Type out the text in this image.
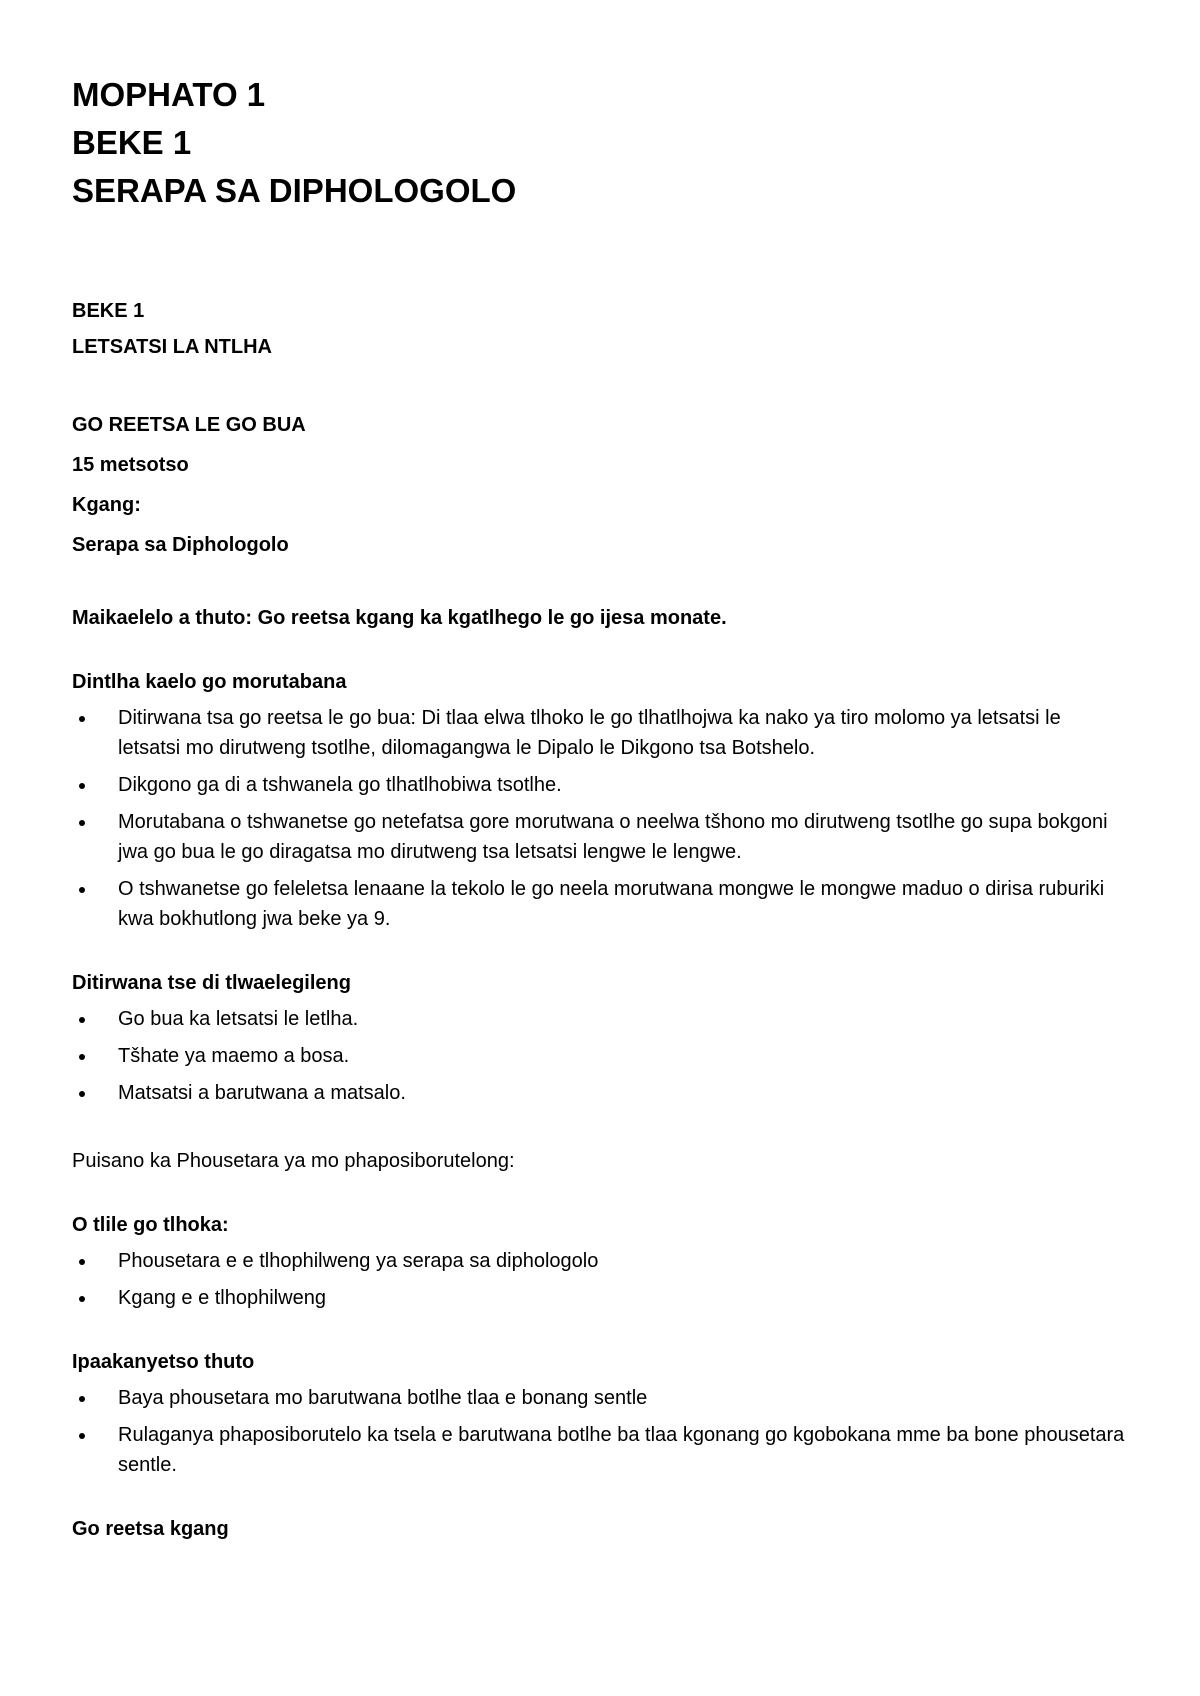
MOPHATO 1

BEKE 1

SERAPA SA DIPHOLOGOLO

BEKE 1

LETSATSI LA NTLHA

GO REETSA LE GO BUA

15 metsotso

Kgang:

Serapa sa Diphologolo

Maikaelelo a thuto: Go reetsa kgang ka kgatlhego le go ijesa monate.

Dintlha kaelo go morutabana

Ditirwana tsa go reetsa le go bua: Di tlaa elwa tlhoko le go tlhatlhojwa ka nako ya tiro molomo ya letsatsi le letsatsi mo dirutweng tsotlhe, dilomagangwa le Dipalo le Dikgono tsa Botshelo.
Dikgono ga di a tshwanela go tlhatlhobiwa tsotlhe.
Morutabana o tshwanetse go netefatsa gore morutwana o neelwa tšhono mo dirutweng tsotlhe go supa bokgoni jwa go bua le go diragatsa mo dirutweng tsa letsatsi lengwe le lengwe.
O tshwanetse go feleletsa lenaane la tekolo le go neela morutwana mongwe le mongwe maduo o dirisa ruburiki kwa bokhutlong jwa beke ya 9.

Ditirwana tse di tlwaelegileng

Go bua ka letsatsi le letlha.
Tšhate ya maemo a bosa.
Matsatsi a barutwana a matsalo.

Puisano ka Phousetara ya mo phaposiborutelong:

O tlile go tlhoka:

Phousetara e e tlhophilweng ya serapa sa diphologolo
Kgang e e tlhophilweng

Ipaakanyetso thuto

Baya phousetara mo barutwana botlhe tlaa e bonang sentle
Rulaganya phaposiborutelo ka tsela e barutwana botlhe ba tlaa kgonang go kgobokana mme ba bone phousetara sentle.

Go reetsa kgang
